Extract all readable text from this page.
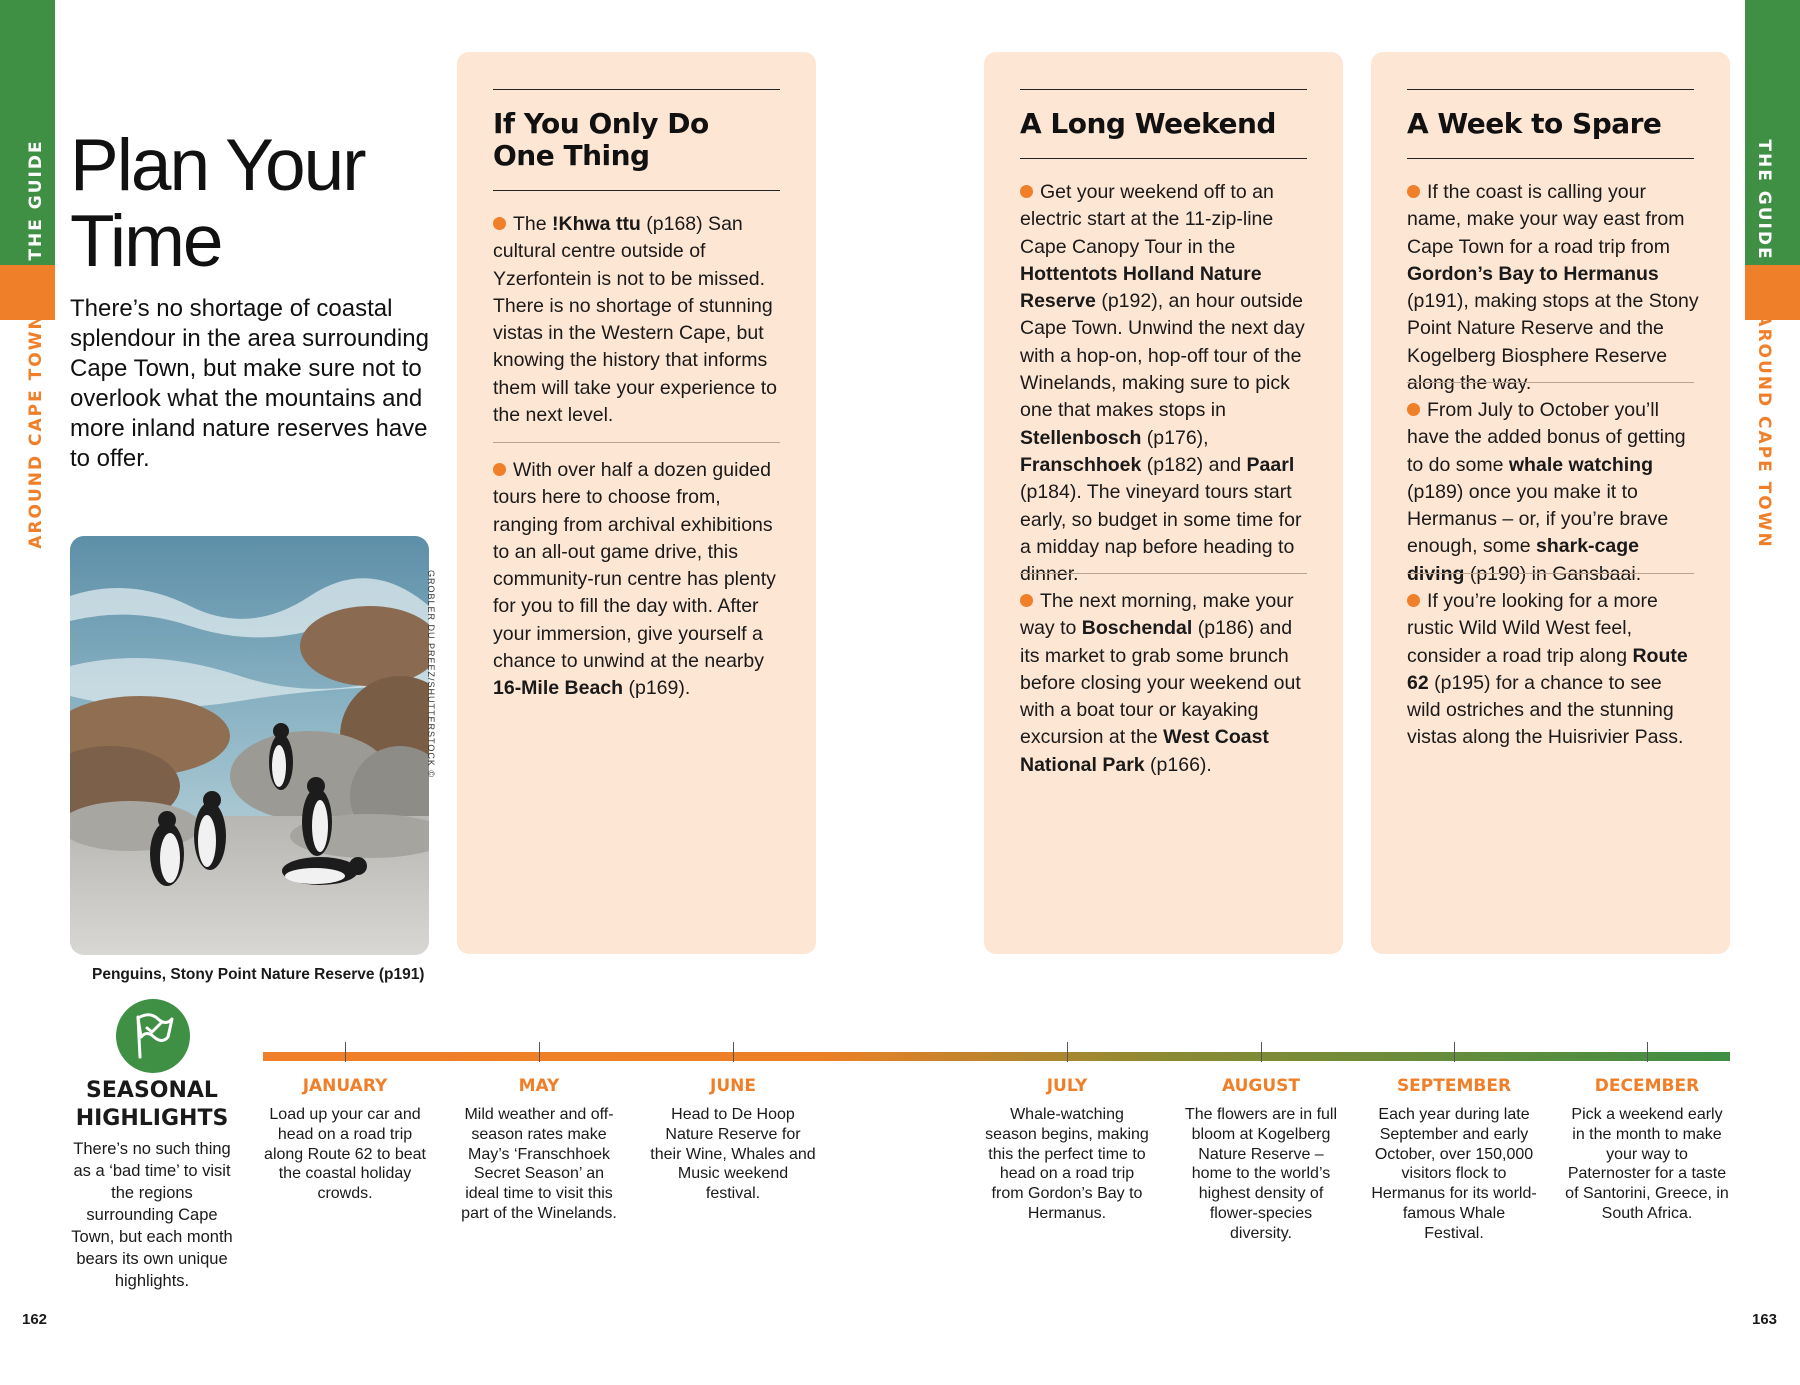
THE GUIDE
AROUND CAPE TOWN
THE GUIDE
AROUND CAPE TOWN
Plan Your
Time
There’s no shortage of coastal splendour in the area surrounding Cape Town, but make sure not to overlook what the mountains and more inland nature reserves have to offer.
GROBLER DU PREEZ/SHUTTERSTOCK ©
Penguins, Stony Point Nature Reserve (p191)
If You Only Do
One Thing
The !Khwa ttu (p168) San cultural centre outside of Yzerfontein is not to be missed. There is no shortage of stunning vistas in the Western Cape, but knowing the history that informs them will take your experience to the next level.
With over half a dozen guided tours here to choose from, ranging from archival exhibitions to an all-out game drive, this community-run centre has plenty for you to fill the day with. After your immersion, give yourself a chance to unwind at the nearby 16-Mile Beach (p169).
A Long Weekend
Get your weekend off to an electric start at the 11-zip-line Cape Canopy Tour in the Hottentots Holland Nature Reserve (p192), an hour outside Cape Town. Unwind the next day with a hop-on, hop-off tour of the Winelands, making sure to pick one that makes stops in Stellenbosch (p176), Franschhoek (p182) and Paarl (p184). The vineyard tours start early, so budget in some time for a midday nap before heading to dinner.
The next morning, make your way to Boschendal (p186) and its market to grab some brunch before closing your weekend out with a boat tour or kayaking excursion at the West Coast National Park (p166).
A Week to Spare
If the coast is calling your name, make your way east from Cape Town for a road trip from Gordon’s Bay to Hermanus (p191), making stops at the Stony Point Nature Reserve and the Kogelberg Biosphere Reserve along the way.
From July to October you’ll have the added bonus of getting to do some whale watching (p189) once you make it to Hermanus – or, if you’re brave enough, some shark-cage diving (p190) in Gansbaai.
If you’re looking for a more rustic Wild Wild West feel, consider a road trip along Route 62 (p195) for a chance to see wild ostriches and the stunning vistas along the Huisrivier Pass.
SEASONAL
HIGHLIGHTS
There’s no such thing as a ‘bad time’ to visit the regions surrounding Cape Town, but each month bears its own unique highlights.
JANUARY
Load up your car and head on a road trip along Route 62 to beat the coastal holiday crowds.
MAY
Mild weather and off-season rates make May’s ‘Franschhoek Secret Season’ an ideal time to visit this part of the Winelands.
JUNE
Head to De Hoop Nature Reserve for their Wine, Whales and Music weekend festival.
JULY
Whale-watching season begins, making this the perfect time to head on a road trip from Gordon’s Bay to Hermanus.
AUGUST
The flowers are in full bloom at Kogelberg Nature Reserve – home to the world’s highest density of flower-species diversity.
SEPTEMBER
Each year during late September and early October, over 150,000 visitors flock to Hermanus for its world-famous Whale Festival.
DECEMBER
Pick a weekend early in the month to make your way to Paternoster for a taste of Santorini, Greece, in South Africa.
162	163
